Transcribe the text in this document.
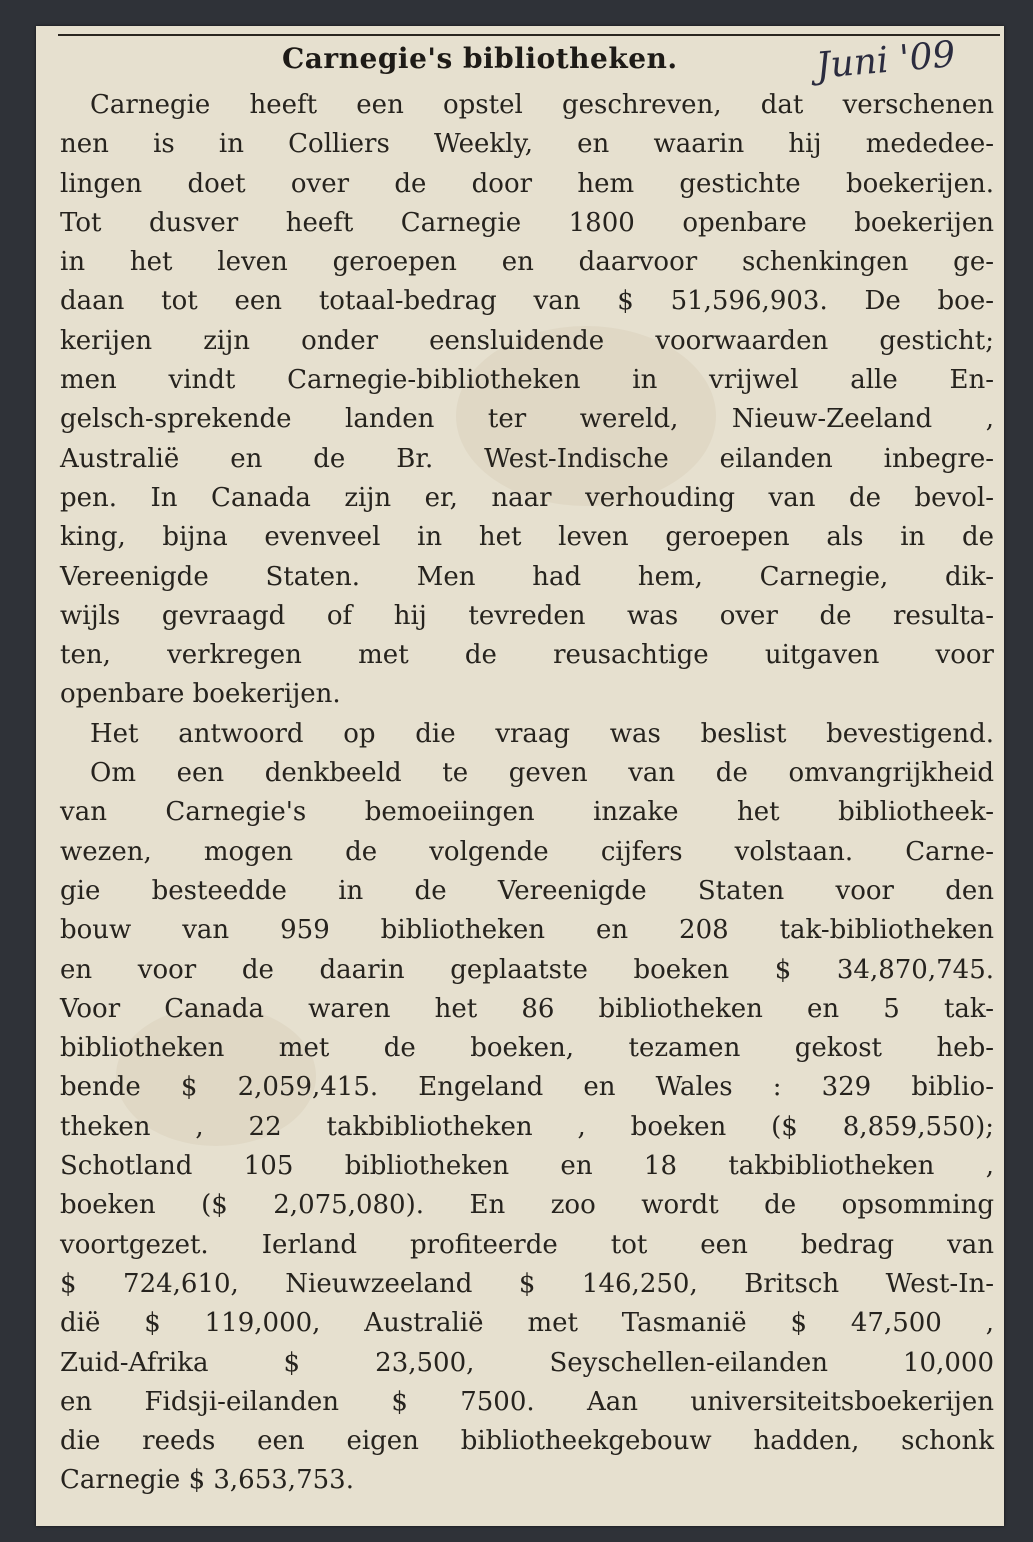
Carnegie's bibliotheken.	Juni '09
Carnegie heeft een opstel geschreven, dat verschenen
nen is in Colliers Weekly, en waarin hij mededee-
lingen doet over de door hem gestichte boekerijen.
Tot dusver heeft Carnegie 1800 openbare boekerijen
in het leven geroepen en daarvoor schenkingen ge-
daan tot een totaal-bedrag van $ 51,596,903. De boe-
kerijen zijn onder eensluidende voorwaarden gesticht;
men vindt Carnegie-bibliotheken in vrijwel alle En-
gelsch-sprekende landen ter wereld, Nieuw-Zeeland ,
Australië en de Br. West-Indische eilanden inbegre-
pen. In Canada zijn er, naar verhouding van de bevol-
king, bijna evenveel in het leven geroepen als in de
Vereenigde Staten. Men had hem, Carnegie, dik-
wijls gevraagd of hij tevreden was over de resulta-
ten, verkregen met de reusachtige uitgaven voor
openbare boekerijen.
Het antwoord op die vraag was beslist bevestigend.
Om een denkbeeld te geven van de omvangrijkheid
van Carnegie's bemoeiingen inzake het bibliotheek-
wezen, mogen de volgende cijfers volstaan. Carne-
gie besteedde in de Vereenigde Staten voor den
bouw van 959 bibliotheken en 208 tak-bibliotheken
en voor de daarin geplaatste boeken $ 34,870,745.
Voor Canada waren het 86 bibliotheken en 5 tak-
bibliotheken met de boeken, tezamen gekost heb-
bende $ 2,059,415. Engeland en Wales : 329 biblio-
theken , 22 takbibliotheken , boeken ($ 8,859,550);
Schotland 105 bibliotheken en 18 takbibliotheken ,
boeken ($ 2,075,080). En zoo wordt de opsomming
voortgezet. Ierland profiteerde tot een bedrag van
$ 724,610, Nieuwzeeland $ 146,250, Britsch West-In-
dië $ 119,000, Australië met Tasmanië $ 47,500 ,
Zuid-Afrika $ 23,500, Seyschellen-eilanden 10,000
en Fidsji-eilanden $ 7500. Aan universiteitsboekerijen
die reeds een eigen bibliotheekgebouw hadden, schonk
Carnegie $ 3,653,753.
